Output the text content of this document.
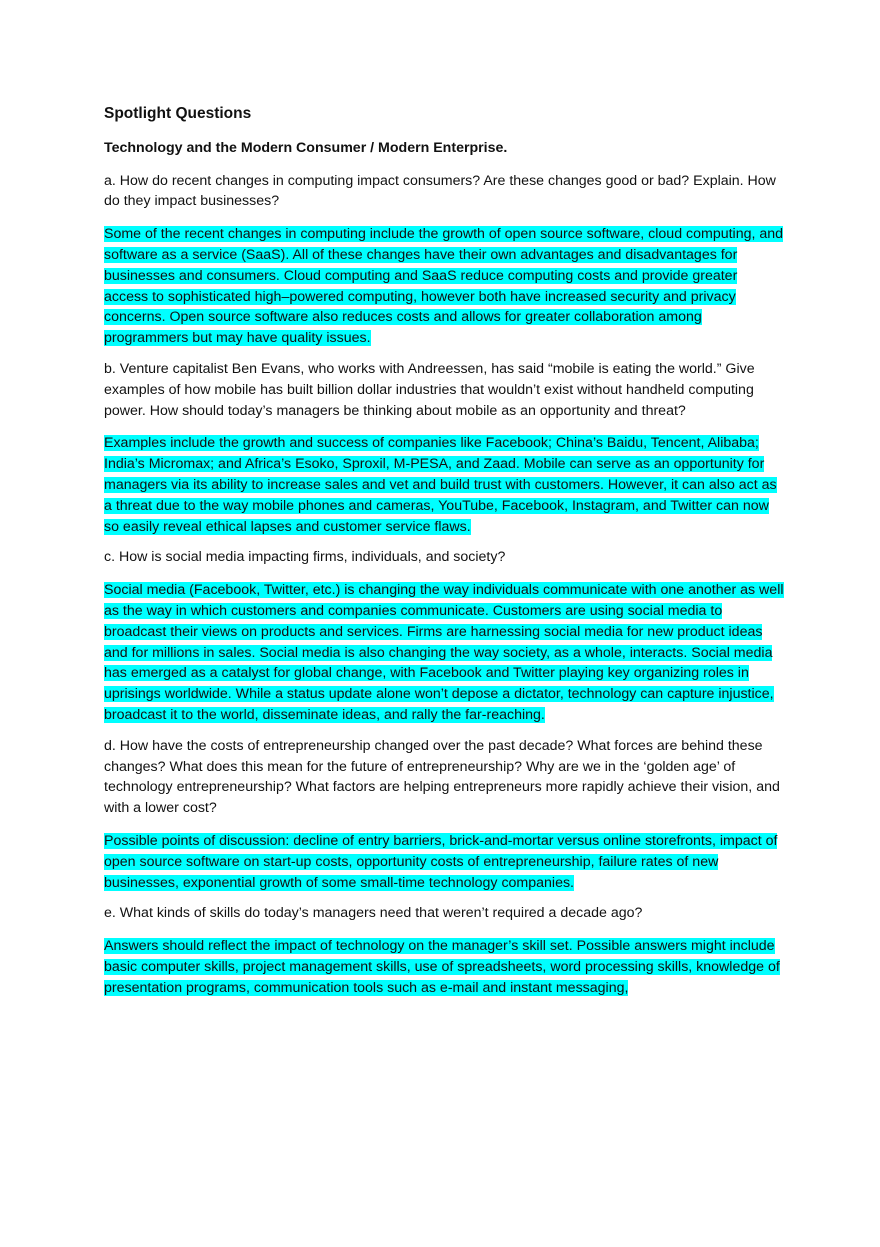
Spotlight Questions
Technology and the Modern Consumer / Modern Enterprise.

a. How do recent changes in computing impact consumers? Are these changes good or bad? Explain. How do they impact businesses?

Some of the recent changes in computing include the growth of open source software, cloud computing, and software as a service (SaaS). All of these changes have their own advantages and disadvantages for businesses and consumers. Cloud computing and SaaS reduce computing costs and provide greater access to sophisticated high–powered computing, however both have increased security and privacy concerns. Open source software also reduces costs and allows for greater collaboration among programmers but may have quality issues.

b. Venture capitalist Ben Evans, who works with Andreessen, has said “mobile is eating the world.” Give examples of how mobile has built billion dollar industries that wouldn’t exist without handheld computing power. How should today’s managers be thinking about mobile as an opportunity and threat?

Examples include the growth and success of companies like Facebook; China’s Baidu, Tencent, Alibaba; India’s Micromax; and Africa’s Esoko, Sproxil, M-PESA, and Zaad. Mobile can serve as an opportunity for managers via its ability to increase sales and vet and build trust with customers. However, it can also act as a threat due to the way mobile phones and cameras, YouTube, Facebook, Instagram, and Twitter can now so easily reveal ethical lapses and customer service flaws.

c. How is social media impacting firms, individuals, and society?

Social media (Facebook, Twitter, etc.) is changing the way individuals communicate with one another as well as the way in which customers and companies communicate. Customers are using social media to broadcast their views on products and services. Firms are harnessing social media for new product ideas and for millions in sales. Social media is also changing the way society, as a whole, interacts. Social media has emerged as a catalyst for global change, with Facebook and Twitter playing key organizing roles in uprisings worldwide. While a status update alone won’t depose a dictator, technology can capture injustice, broadcast it to the world, disseminate ideas, and rally the far-reaching.

d. How have the costs of entrepreneurship changed over the past decade? What forces are behind these changes? What does this mean for the future of entrepreneurship? Why are we in the ‘golden age’ of technology entrepreneurship? What factors are helping entrepreneurs more rapidly achieve their vision, and with a lower cost?

Possible points of discussion: decline of entry barriers, brick-and-mortar versus online storefronts, impact of open source software on start-up costs, opportunity costs of entrepreneurship, failure rates of new businesses, exponential growth of some small-time technology companies.

e. What kinds of skills do today’s managers need that weren’t required a decade ago?

Answers should reflect the impact of technology on the manager’s skill set. Possible answers might include basic computer skills, project management skills, use of spreadsheets, word processing skills, knowledge of presentation programs, communication tools such as e-mail and instant messaging,
